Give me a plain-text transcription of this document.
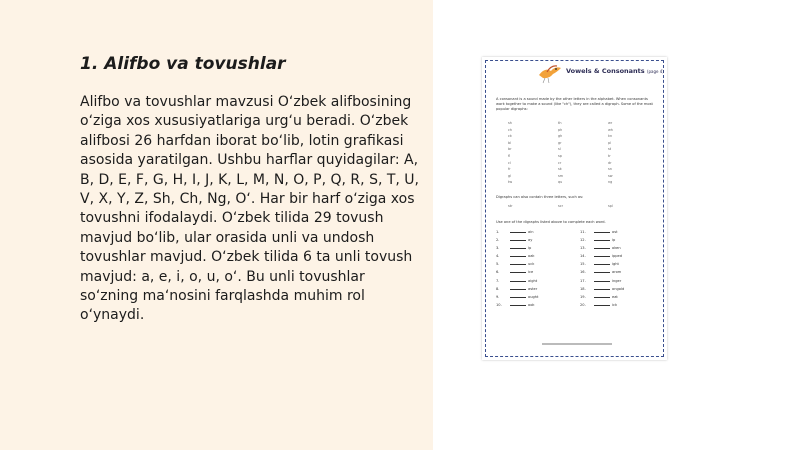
1. Alifbo va tovushlar

Alifbo va tovushlar mavzusi O‘zbek alifbosining o‘ziga xos xususiyatlariga urg‘u beradi. O‘zbek alifbosi 26 harfdan iborat bo‘lib, lotin grafikasi asosida yaratilgan. Ushbu harflar quyidagilar: A, B, D, E, F, G, H, I, J, K, L, M, N, O, P, Q, R, S, T, U, V, X, Y, Z, Sh, Ch, Ng, O‘. Har bir harf o‘ziga xos tovushni ifodalaydi. O‘zbek tilida 29 tovush mavjud bo‘lib, ular orasida unli va undosh tovushlar mavjud. O‘zbek tilida 6 ta unli tovush mavjud: a, e, i, o, u, o‘. Bu unli tovushlar so‘zning ma‘nosini farqlashda muhim rol o‘ynaydi.

Vowels & Consonants (page 4)

A consonant is a sound made by the other letters in the alphabet. When consonants work together to make a sound (like "ch"), they are called a digraph. Some of the most popular digraphs:

sh	th	wr
ch	ph	wh
ck	gh	kn
bl	gr	pl
br	sl	st
fl	sp	tr
cl	cr	dr
fr	sk	sn
gl	sm	sw
tw	qu	ng
Digraphs can also contain three letters, such as:
str	scr	spl
Use one of the digraphs listed above to complete each word.
1.	ain	11.	ost
2.	ay	12.	ip
3.	ip	13.	oken
4.	oak	14.	ipped
5.	uck	15.	ight
6.	ice	16.	arom
7.	aight	17.	inger
8.	aster	18.	ongold
9.	ought	19.	eat
10.	ook	20.	ick
